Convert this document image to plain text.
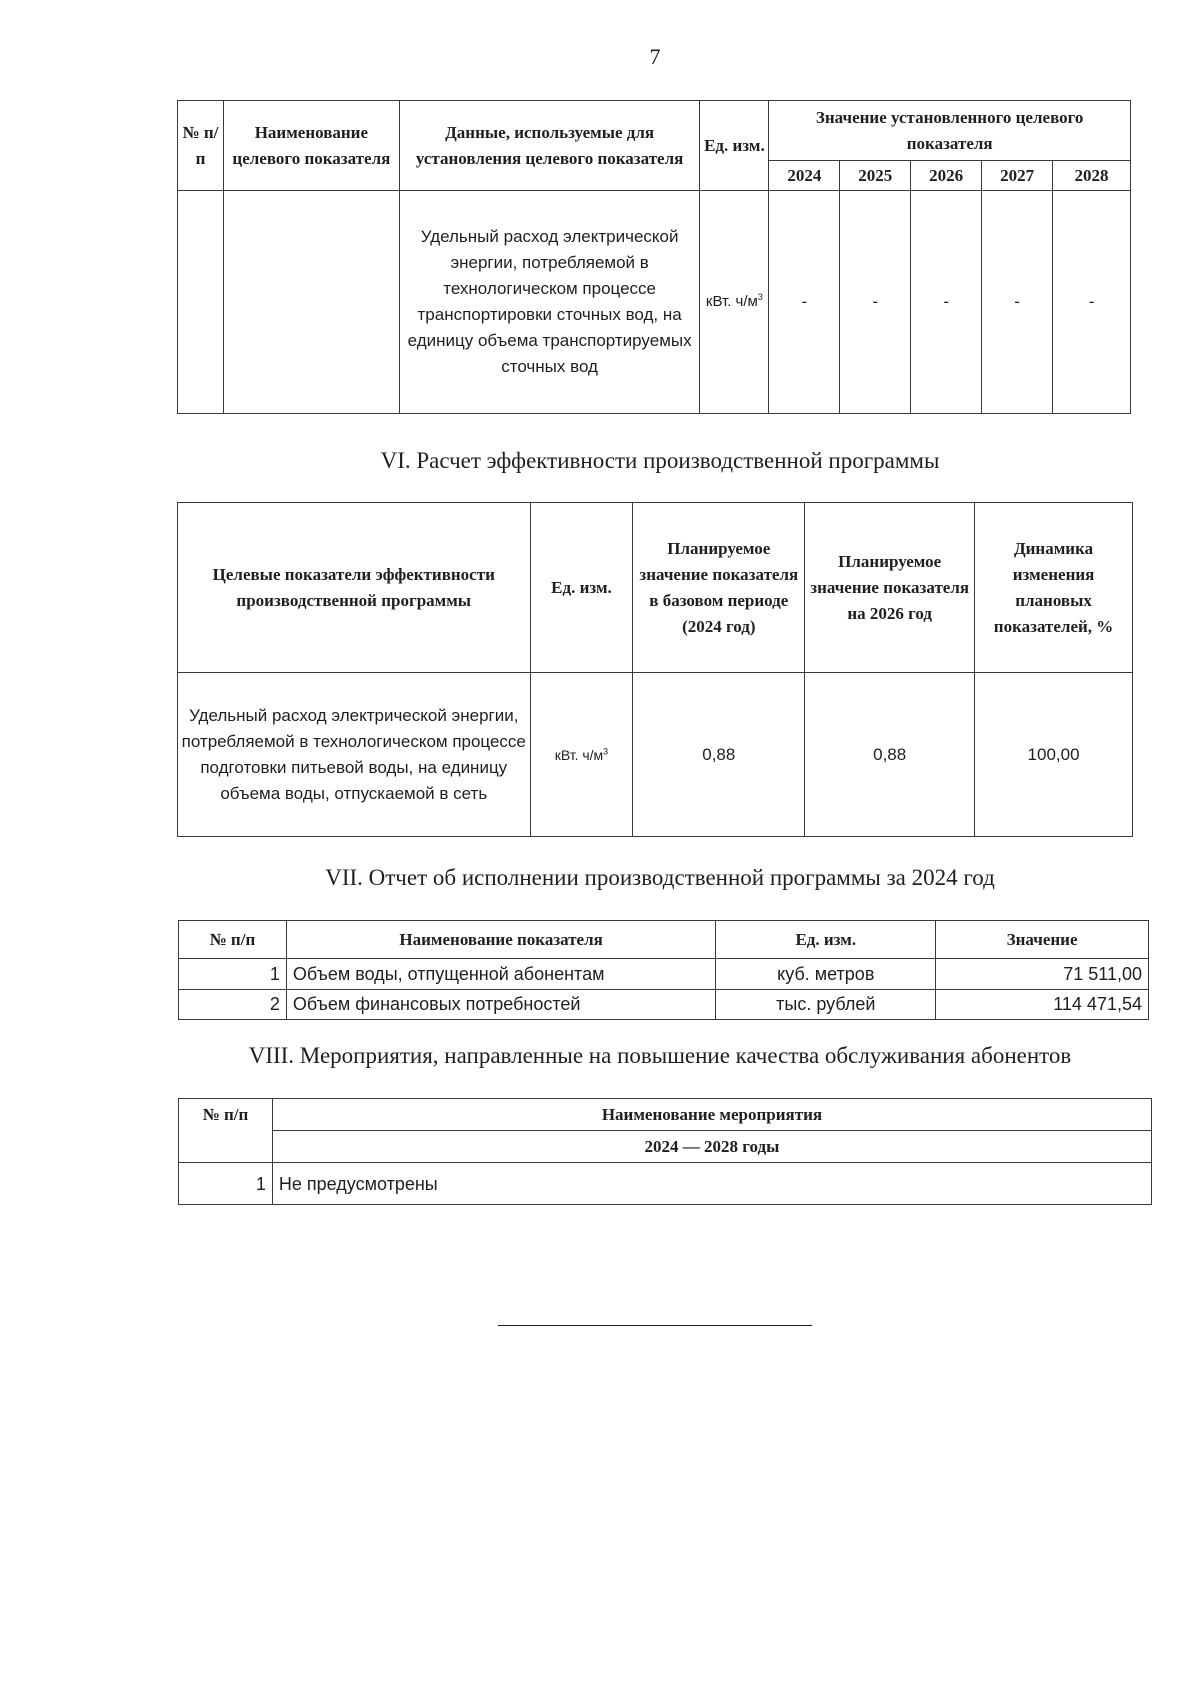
7
№ п/п	Наименование целевого показателя	Данные, используемые для установления целевого показателя	Ед. изм.	Значение установленного целевого показателя				
				2024	2025	2026	2027	2028
		Удельный расход электрической энергии, потребляемой в технологическом процессе транспортировки сточных вод, на единицу объема транспортируемых сточных вод	кВт. $ч/м^3$	-	-	-	-	-
VI. Расчет эффективности производственной программы
Целевые показатели эффективности производственной программы	Ед. изм.	Планируемое значение показателя в базовом периоде (2024 год)	Планируемое значение показателя на 2026 год	Динамика изменения плановых показателей, %
Удельный расход электрической энергии, потребляемой в технологическом процессе подготовки питьевой воды, на единицу объема воды, отпускаемой в сеть	кВт. $ч/м^3$	0,88	0,88	100,00
VII. Отчет об исполнении производственной программы за 2024 год
№ п/п	Наименование показателя	Ед. изм.	Значение
1	Объем воды, отпущенной абонентам	куб. метров	71 511,00
2	Объем финансовых потребностей	тыс. рублей	114 471,54
VIII. Мероприятия, направленные на повышение качества обслуживания абонентов
№ п/п	Наименование мероприятия
	2024 — 2028 годы
1	Не предусмотрены
